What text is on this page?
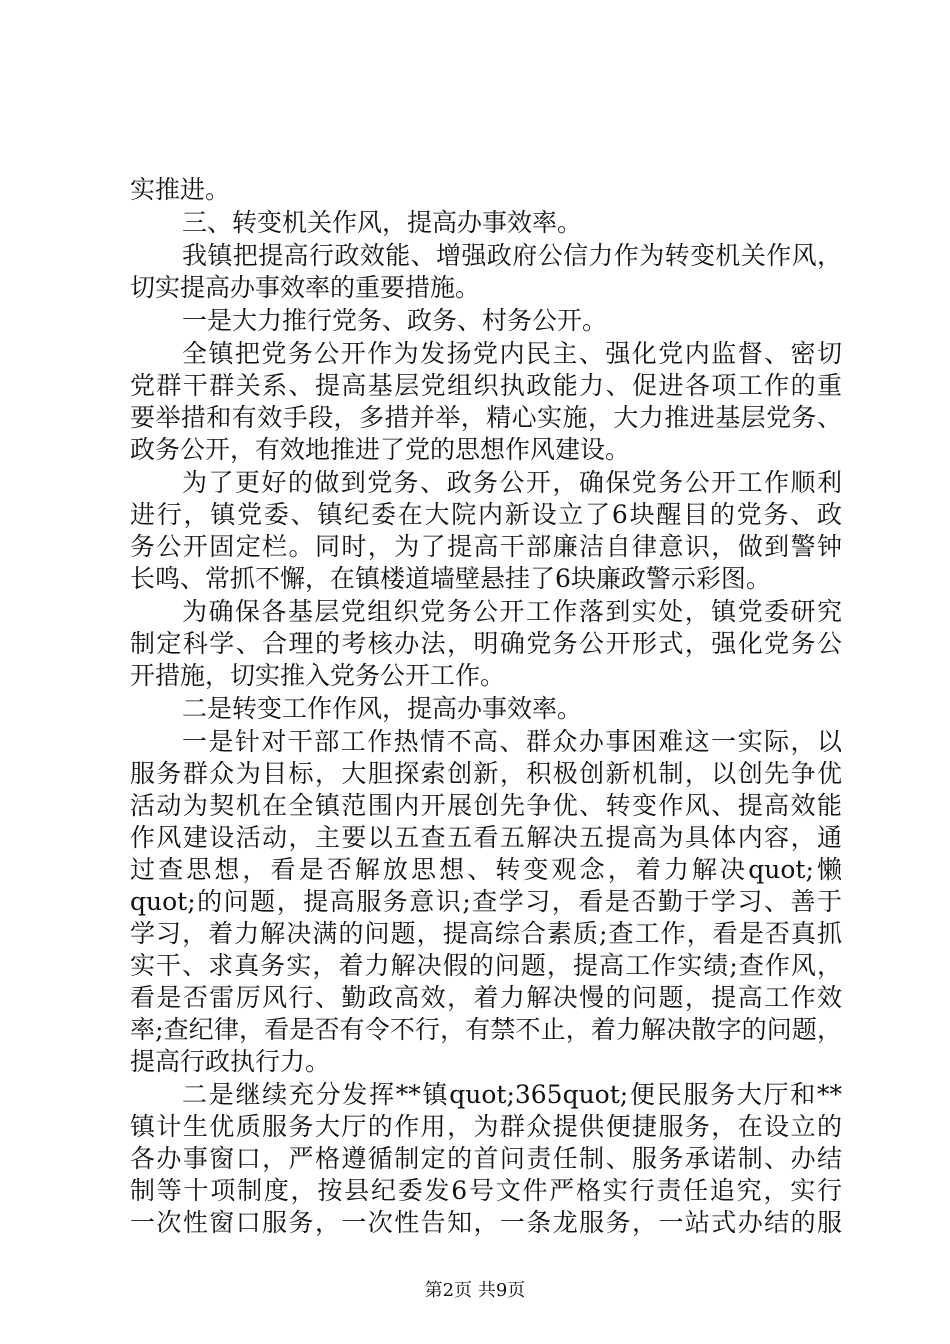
实推进。
三、转变机关作风，提高办事效率。
我镇把提高行政效能、增强政府公信力作为转变机关作风，
切实提高办事效率的重要措施。
一是大力推行党务、政务、村务公开。
全镇把党务公开作为发扬党内民主、强化党内监督、密切
党群干群关系、提高基层党组织执政能力、促进各项工作的重
要举措和有效手段，多措并举，精心实施，大力推进基层党务、
政务公开，有效地推进了党的思想作风建设。
为了更好的做到党务、政务公开，确保党务公开工作顺利
进行，镇党委、镇纪委在大院内新设立了6块醒目的党务、政
务公开固定栏。同时，为了提高干部廉洁自律意识，做到警钟
长鸣、常抓不懈，在镇楼道墙壁悬挂了6块廉政警示彩图。
为确保各基层党组织党务公开工作落到实处，镇党委研究
制定科学、合理的考核办法，明确党务公开形式，强化党务公
开措施，切实推入党务公开工作。
二是转变工作作风，提高办事效率。
一是针对干部工作热情不高、群众办事困难这一实际，以
服务群众为目标，大胆探索创新，积极创新机制，以创先争优
活动为契机在全镇范围内开展创先争优、转变作风、提高效能
作风建设活动，主要以五查五看五解决五提高为具体内容，通
过查思想，看是否解放思想、转变观念，着力解决quot;懒
quot;的问题，提高服务意识;查学习，看是否勤于学习、善于
学习，着力解决满的问题，提高综合素质;查工作，看是否真抓
实干、求真务实，着力解决假的问题，提高工作实绩;查作风，
看是否雷厉风行、勤政高效，着力解决慢的问题，提高工作效
率;查纪律，看是否有令不行，有禁不止，着力解决散字的问题，
提高行政执行力。
二是继续充分发挥**镇quot;365quot;便民服务大厅和**
镇计生优质服务大厅的作用，为群众提供便捷服务，在设立的
各办事窗口，严格遵循制定的首问责任制、服务承诺制、办结
制等十项制度，按县纪委发6号文件严格实行责任追究，实行
一次性窗口服务，一次性告知，一条龙服务，一站式办结的服
第2页 共9页
